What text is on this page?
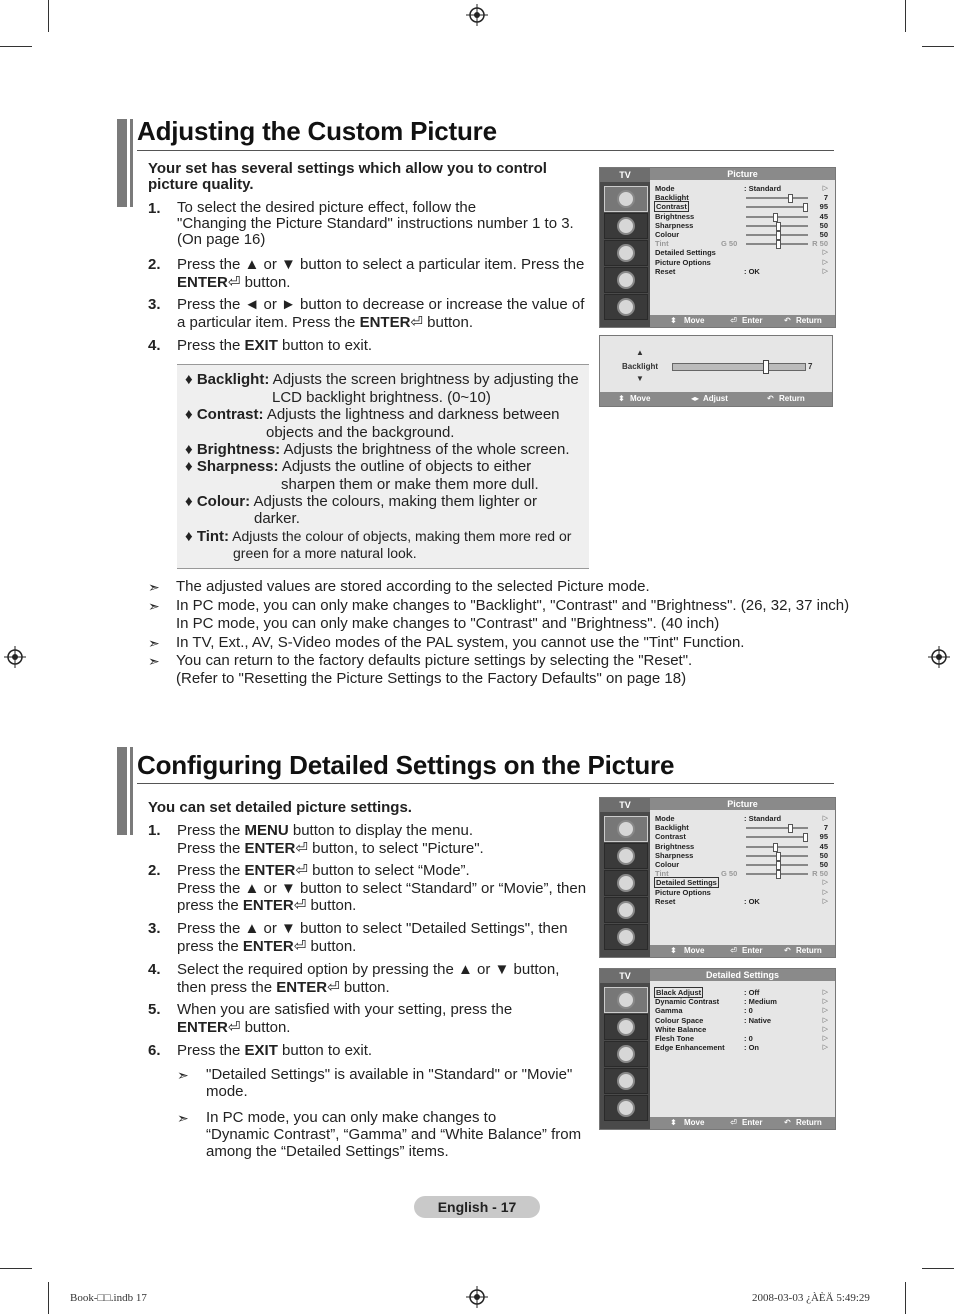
Adjusting the Custom Picture
Your set has several settings which allow you to control
picture quality.
1. To select the desired picture effect, follow the
"Changing the Picture Standard" instructions number 1 to 3.
(On page 16)
2. Press the ▲ or ▼ button to select a particular item. Press the
ENTER⏎ button.
3. Press the ◄ or ► button to decrease or increase the value of
a particular item. Press the ENTER⏎ button.
4. Press the EXIT button to exit.
♦ Backlight: Adjusts the screen brightness by adjusting the
LCD backlight brightness. (0~10)
♦ Contrast: Adjusts the lightness and darkness between
objects and the background.
♦ Brightness: Adjusts the brightness of the whole screen.
♦ Sharpness: Adjusts the outline of objects to either
sharpen them or make them more dull.
♦ Colour: Adjusts the colours, making them lighter or
darker.
♦ Tint: Adjusts the colour of objects, making them more red or
green for a more natural look.
➣ The adjusted values are stored according to the selected Picture mode.
➣ In PC mode, you can only make changes to "Backlight", "Contrast" and "Brightness". (26, 32, 37 inch)
In PC mode, you can only make changes to "Contrast" and "Brightness". (40 inch)
➣ In TV, Ext., AV, S-Video modes of the PAL system, you cannot use the "Tint" Function.
➣ You can return to the factory defaults picture settings by selecting the "Reset".
(Refer to "Resetting the Picture Settings to the Factory Defaults" on page 18)
TV	Picture
⬍ Move	⏎ Enter	↶ Return
Mode	: Standard	▷
Backlight	7
Contrast	95
Brightness	45
Sharpness	50
Colour	50
Tint	G 50	R 50
Detailed Settings	▷
Picture Options	▷
Reset	: OK	▷
▲
Backlight
▼
7
⬍ Move	◂▸ Adjust	↶ Return
Configuring Detailed Settings on the Picture
You can set detailed picture settings.
1. Press the MENU button to display the menu.
Press the ENTER⏎ button, to select "Picture".
2. Press the ENTER⏎ button to select “Mode”.
Press the ▲ or ▼ button to select “Standard” or “Movie”, then
press the ENTER⏎ button.
3. Press the ▲ or ▼ button to select "Detailed Settings", then
press the ENTER⏎ button.
4. Select the required option by pressing the ▲ or ▼ button,
then press the ENTER⏎ button.
5. When you are satisfied with your setting, press the
ENTER⏎ button.
6. Press the EXIT button to exit.
➣ "Detailed Settings" is available in "Standard" or "Movie"
mode.
➣ In PC mode, you can only make changes to
“Dynamic Contrast”, “Gamma” and “White Balance” from
among the “Detailed Settings” items.
TV	Picture
⬍ Move	⏎ Enter	↶ Return
Mode	: Standard	▷
Backlight	7
Contrast	95
Brightness	45
Sharpness	50
Colour	50
Tint	G 50	R 50
Detailed Settings	▷
Picture Options	▷
Reset	: OK	▷
TV	Detailed Settings
⬍ Move	⏎ Enter	↶ Return
Black Adjust	: Off	▷
Dynamic Contrast	: Medium	▷
Gamma	: 0	▷
Colour Space	: Native	▷
White Balance	▷
Flesh Tone	: 0	▷
Edge Enhancement	: On	▷
English - 17
Book-□□.indb 17	2008-03-03 ¿ÀÈÄ 5:49:29
